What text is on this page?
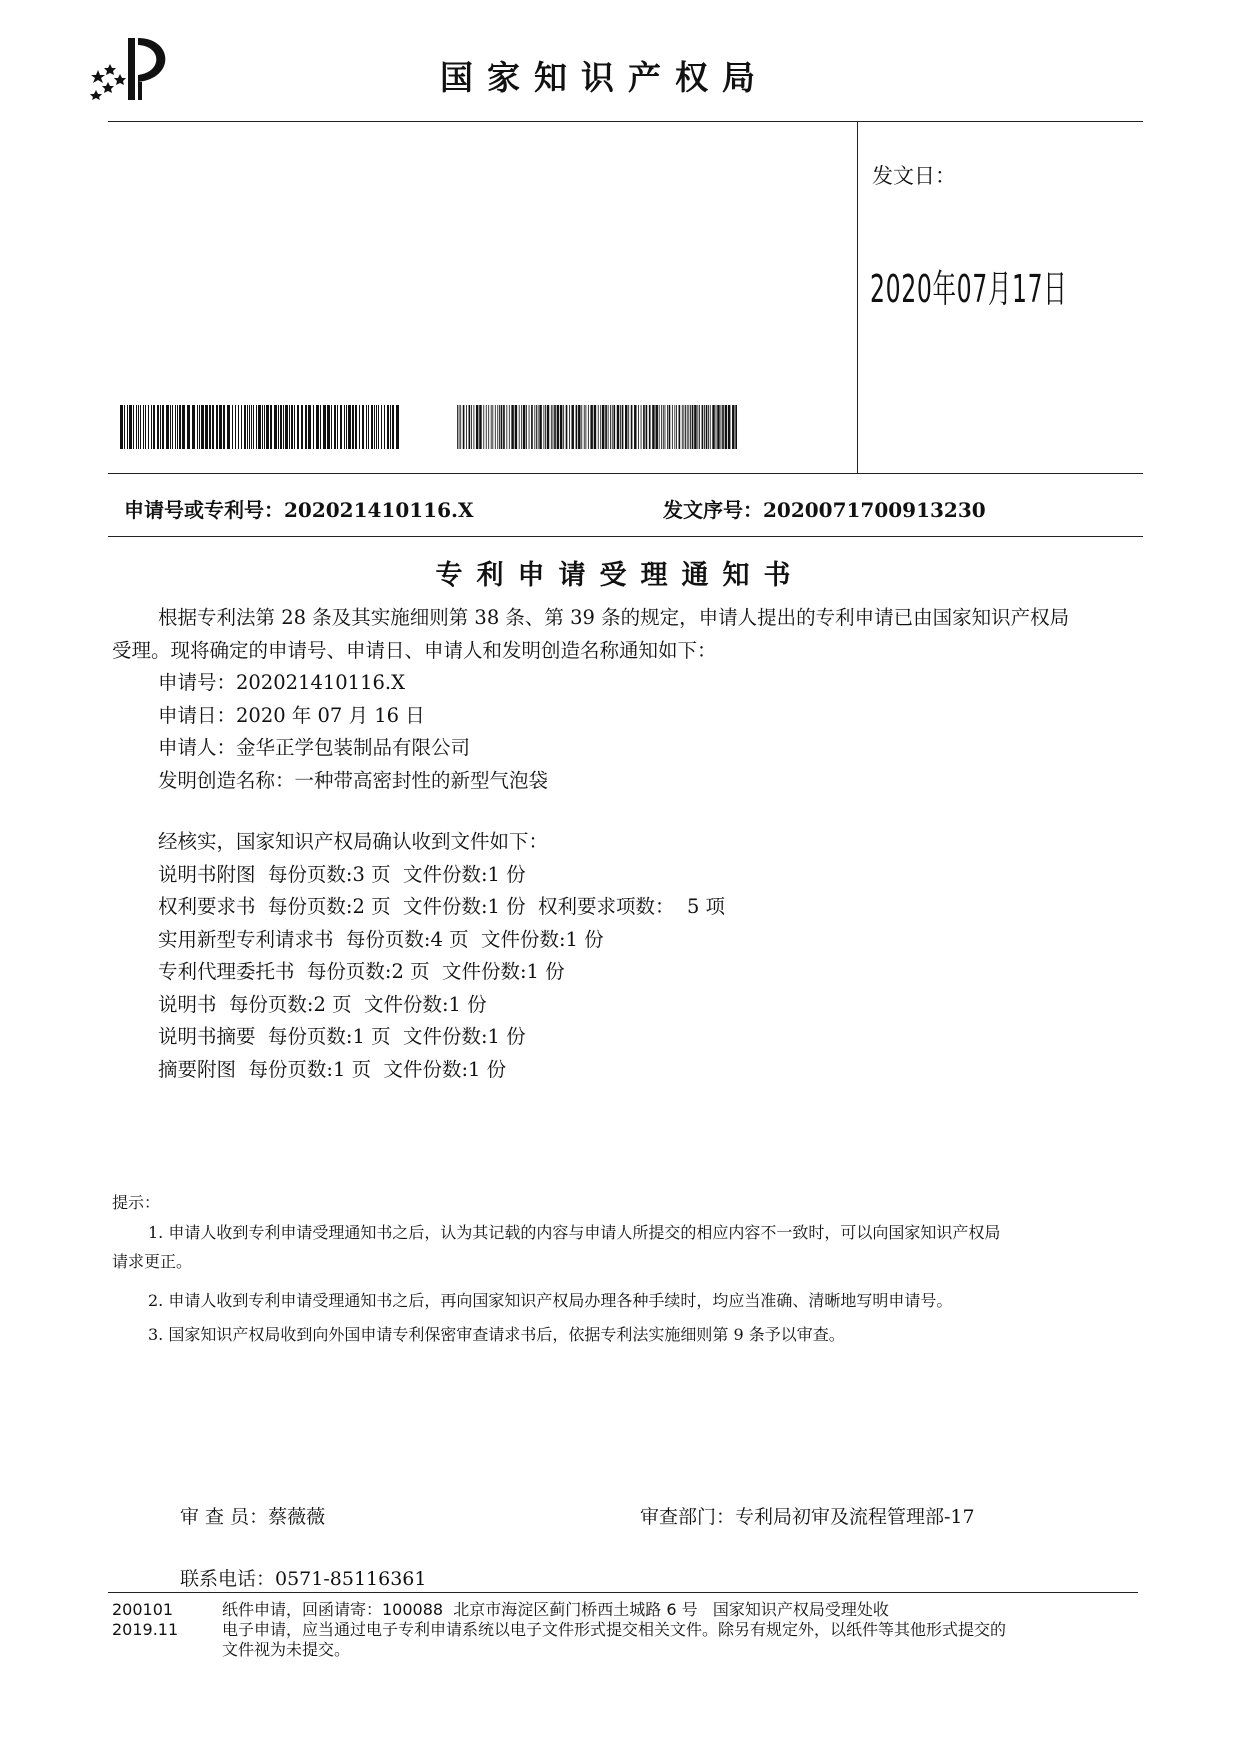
国家知识产权局
发文日：
2020年07月17日
申请号或专利号：202021410116.X	发文序号：2020071700913230
专利申请受理通知书
根据专利法第 28 条及其实施细则第 38 条、第 39 条的规定，申请人提出的专利申请已由国家知识产权局
受理。现将确定的申请号、申请日、申请人和发明创造名称通知如下：
申请号：202021410116.X
申请日：2020 年 07 月 16 日
申请人：金华正学包装制品有限公司
发明创造名称：一种带高密封性的新型气泡袋
经核实，国家知识产权局确认收到文件如下：
说明书附图  每份页数:3 页  文件份数:1 份
权利要求书  每份页数:2 页  文件份数:1 份  权利要求项数：  5 项
实用新型专利请求书  每份页数:4 页  文件份数:1 份
专利代理委托书  每份页数:2 页  文件份数:1 份
说明书  每份页数:2 页  文件份数:1 份
说明书摘要  每份页数:1 页  文件份数:1 份
摘要附图  每份页数:1 页  文件份数:1 份
提示：
1. 申请人收到专利申请受理通知书之后，认为其记载的内容与申请人所提交的相应内容不一致时，可以向国家知识产权局
请求更正。
2. 申请人收到专利申请受理通知书之后，再向国家知识产权局办理各种手续时，均应当准确、清晰地写明申请号。
3. 国家知识产权局收到向外国申请专利保密审查请求书后，依据专利法实施细则第 9 条予以审查。
审 查 员：蔡薇薇	审查部门：专利局初审及流程管理部-17
联系电话：0571-85116361
200101
2019.11
纸件申请，回函请寄：100088  北京市海淀区蓟门桥西土城路 6 号   国家知识产权局受理处收
电子申请，应当通过电子专利申请系统以电子文件形式提交相关文件。除另有规定外，以纸件等其他形式提交的
文件视为未提交。
